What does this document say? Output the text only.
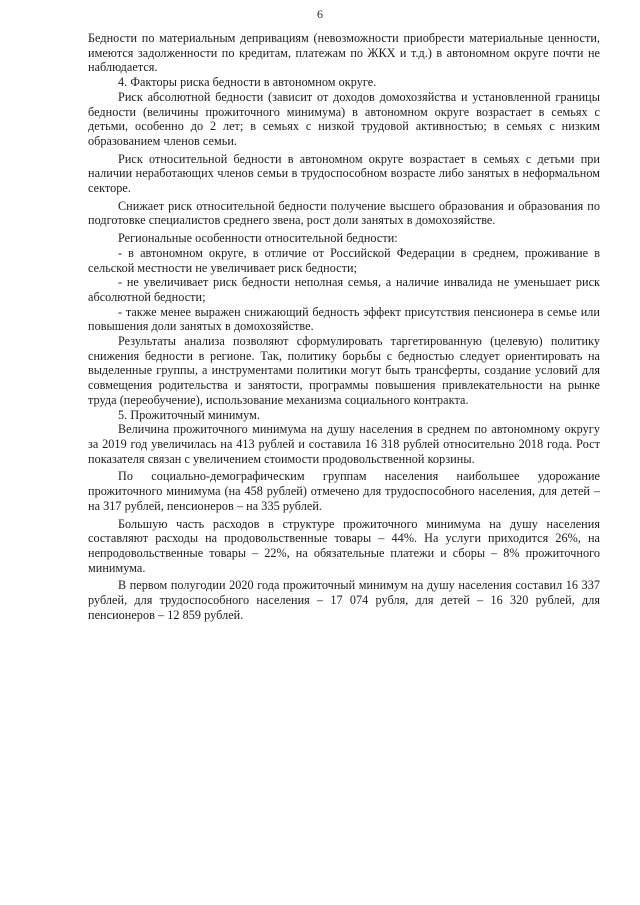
6

Бедности по материальным депривациям (невозможности приобрести материальные ценности, имеются задолженности по кредитам, платежам по ЖКХ и т.д.) в автономном округе почти не наблюдается.

4. Факторы риска бедности в автономном округе.

Риск абсолютной бедности (зависит от доходов домохозяйства и установленной границы бедности (величины прожиточного минимума) в автономном округе возрастает в семьях с детьми, особенно до 2 лет; в семьях с низкой трудовой активностью; в семьях с низким образованием членов семьи.

Риск относительной бедности в автономном округе возрастает в семьях с детьми при наличии неработающих членов семьи в трудоспособном возрасте либо занятых в неформальном секторе.

Снижает риск относительной бедности получение высшего образования и образования по подготовке специалистов среднего звена, рост доли занятых в домохозяйстве.

Региональные особенности относительной бедности:

- в автономном округе, в отличие от Российской Федерации в среднем, проживание в сельской местности не увеличивает риск бедности;

- не увеличивает риск бедности неполная семья, а наличие инвалида не уменьшает риск абсолютной бедности;

- также менее выражен снижающий бедность эффект присутствия пенсионера в семье или повышения доли занятых в домохозяйстве.

Результаты анализа позволяют сформулировать таргетированную (целевую) политику снижения бедности в регионе. Так, политику борьбы с бедностью следует ориентировать на выделенные группы, а инструментами политики могут быть трансферты, создание условий для совмещения родительства и занятости, программы повышения привлекательности на рынке труда (переобучение), использование механизма социального контракта.

5. Прожиточный минимум.

Величина прожиточного минимума на душу населения в среднем по автономному округу за 2019 год увеличилась на 413 рублей и составила 16 318 рублей относительно 2018 года. Рост показателя связан с увеличением стоимости продовольственной корзины.

По социально-демографическим группам населения наибольшее удорожание прожиточного минимума (на 458 рублей) отмечено для трудоспособного населения, для детей – на 317 рублей, пенсионеров – на 335 рублей.

Большую часть расходов в структуре прожиточного минимума на душу населения составляют расходы на продовольственные товары – 44%. На услуги приходится 26%, на непродовольственные товары – 22%, на обязательные платежи и сборы – 8% прожиточного минимума.

В первом полугодии 2020 года прожиточный минимум на душу населения составил 16 337 рублей, для трудоспособного населения – 17 074 рубля, для детей – 16 320 рублей, для пенсионеров – 12 859 рублей.
